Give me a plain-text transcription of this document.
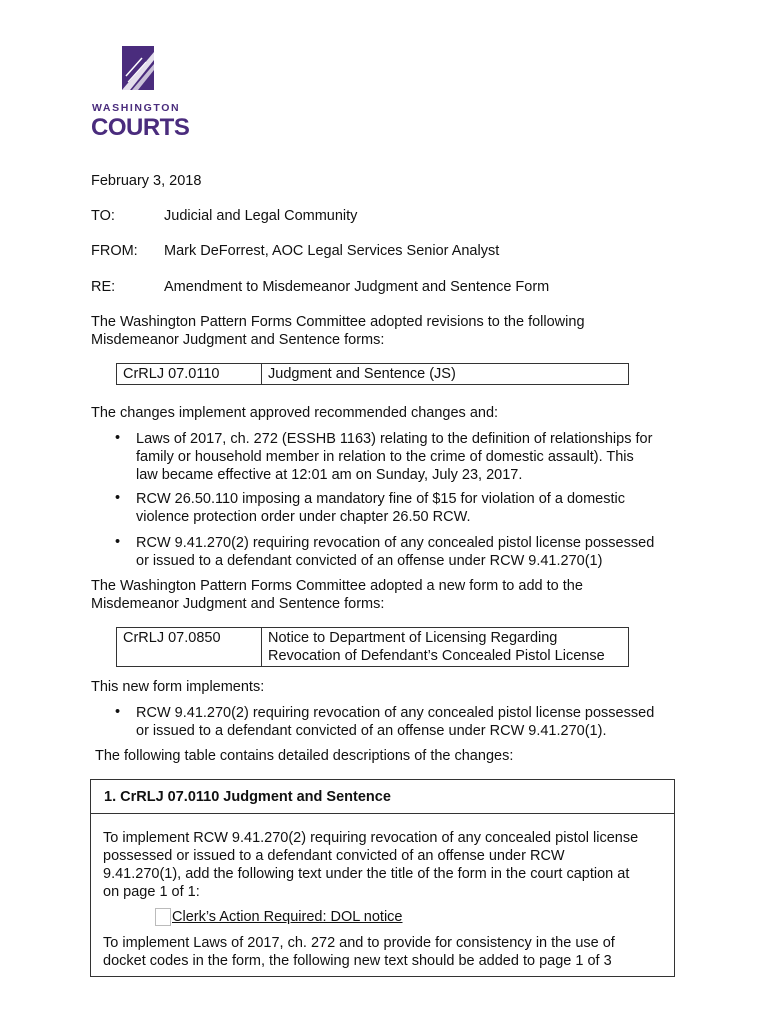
WASHINGTON
COURTS
February 3, 2018
TO:	Judicial and Legal Community
FROM: Mark DeForrest, AOC Legal Services Senior Analyst
RE:	Amendment to Misdemeanor Judgment and Sentence Form
The Washington Pattern Forms Committee adopted revisions to the following
Misdemeanor Judgment and Sentence forms:
CrRLJ 07.0110	Judgment and Sentence (JS)
The changes implement approved recommended changes and:
• Laws of 2017, ch. 272 (ESSHB 1163) relating to the definition of relationships for
family or household member in relation to the crime of domestic assault). This
law became effective at 12:01 am on Sunday, July 23, 2017.
• RCW 26.50.110 imposing a mandatory fine of $15 for violation of a domestic
violence protection order under chapter 26.50 RCW.
• RCW 9.41.270(2) requiring revocation of any concealed pistol license possessed
or issued to a defendant convicted of an offense under RCW 9.41.270(1)
The Washington Pattern Forms Committee adopted a new form to add to the
Misdemeanor Judgment and Sentence forms:
CrRLJ 07.0850	Notice to Department of Licensing Regarding
Revocation of Defendant’s Concealed Pistol License
This new form implements:
• RCW 9.41.270(2) requiring revocation of any concealed pistol license possessed
or issued to a defendant convicted of an offense under RCW 9.41.270(1).
The following table contains detailed descriptions of the changes:
1. CrRLJ 07.0110 Judgment and Sentence
To implement RCW 9.41.270(2) requiring revocation of any concealed pistol license
possessed or issued to a defendant convicted of an offense under RCW
9.41.270(1), add the following text under the title of the form in the court caption at
on page 1 of 1:
Clerk’s Action Required: DOL notice
To implement Laws of 2017, ch. 272 and to provide for consistency in the use of
docket codes in the form, the following new text should be added to page 1 of 3
